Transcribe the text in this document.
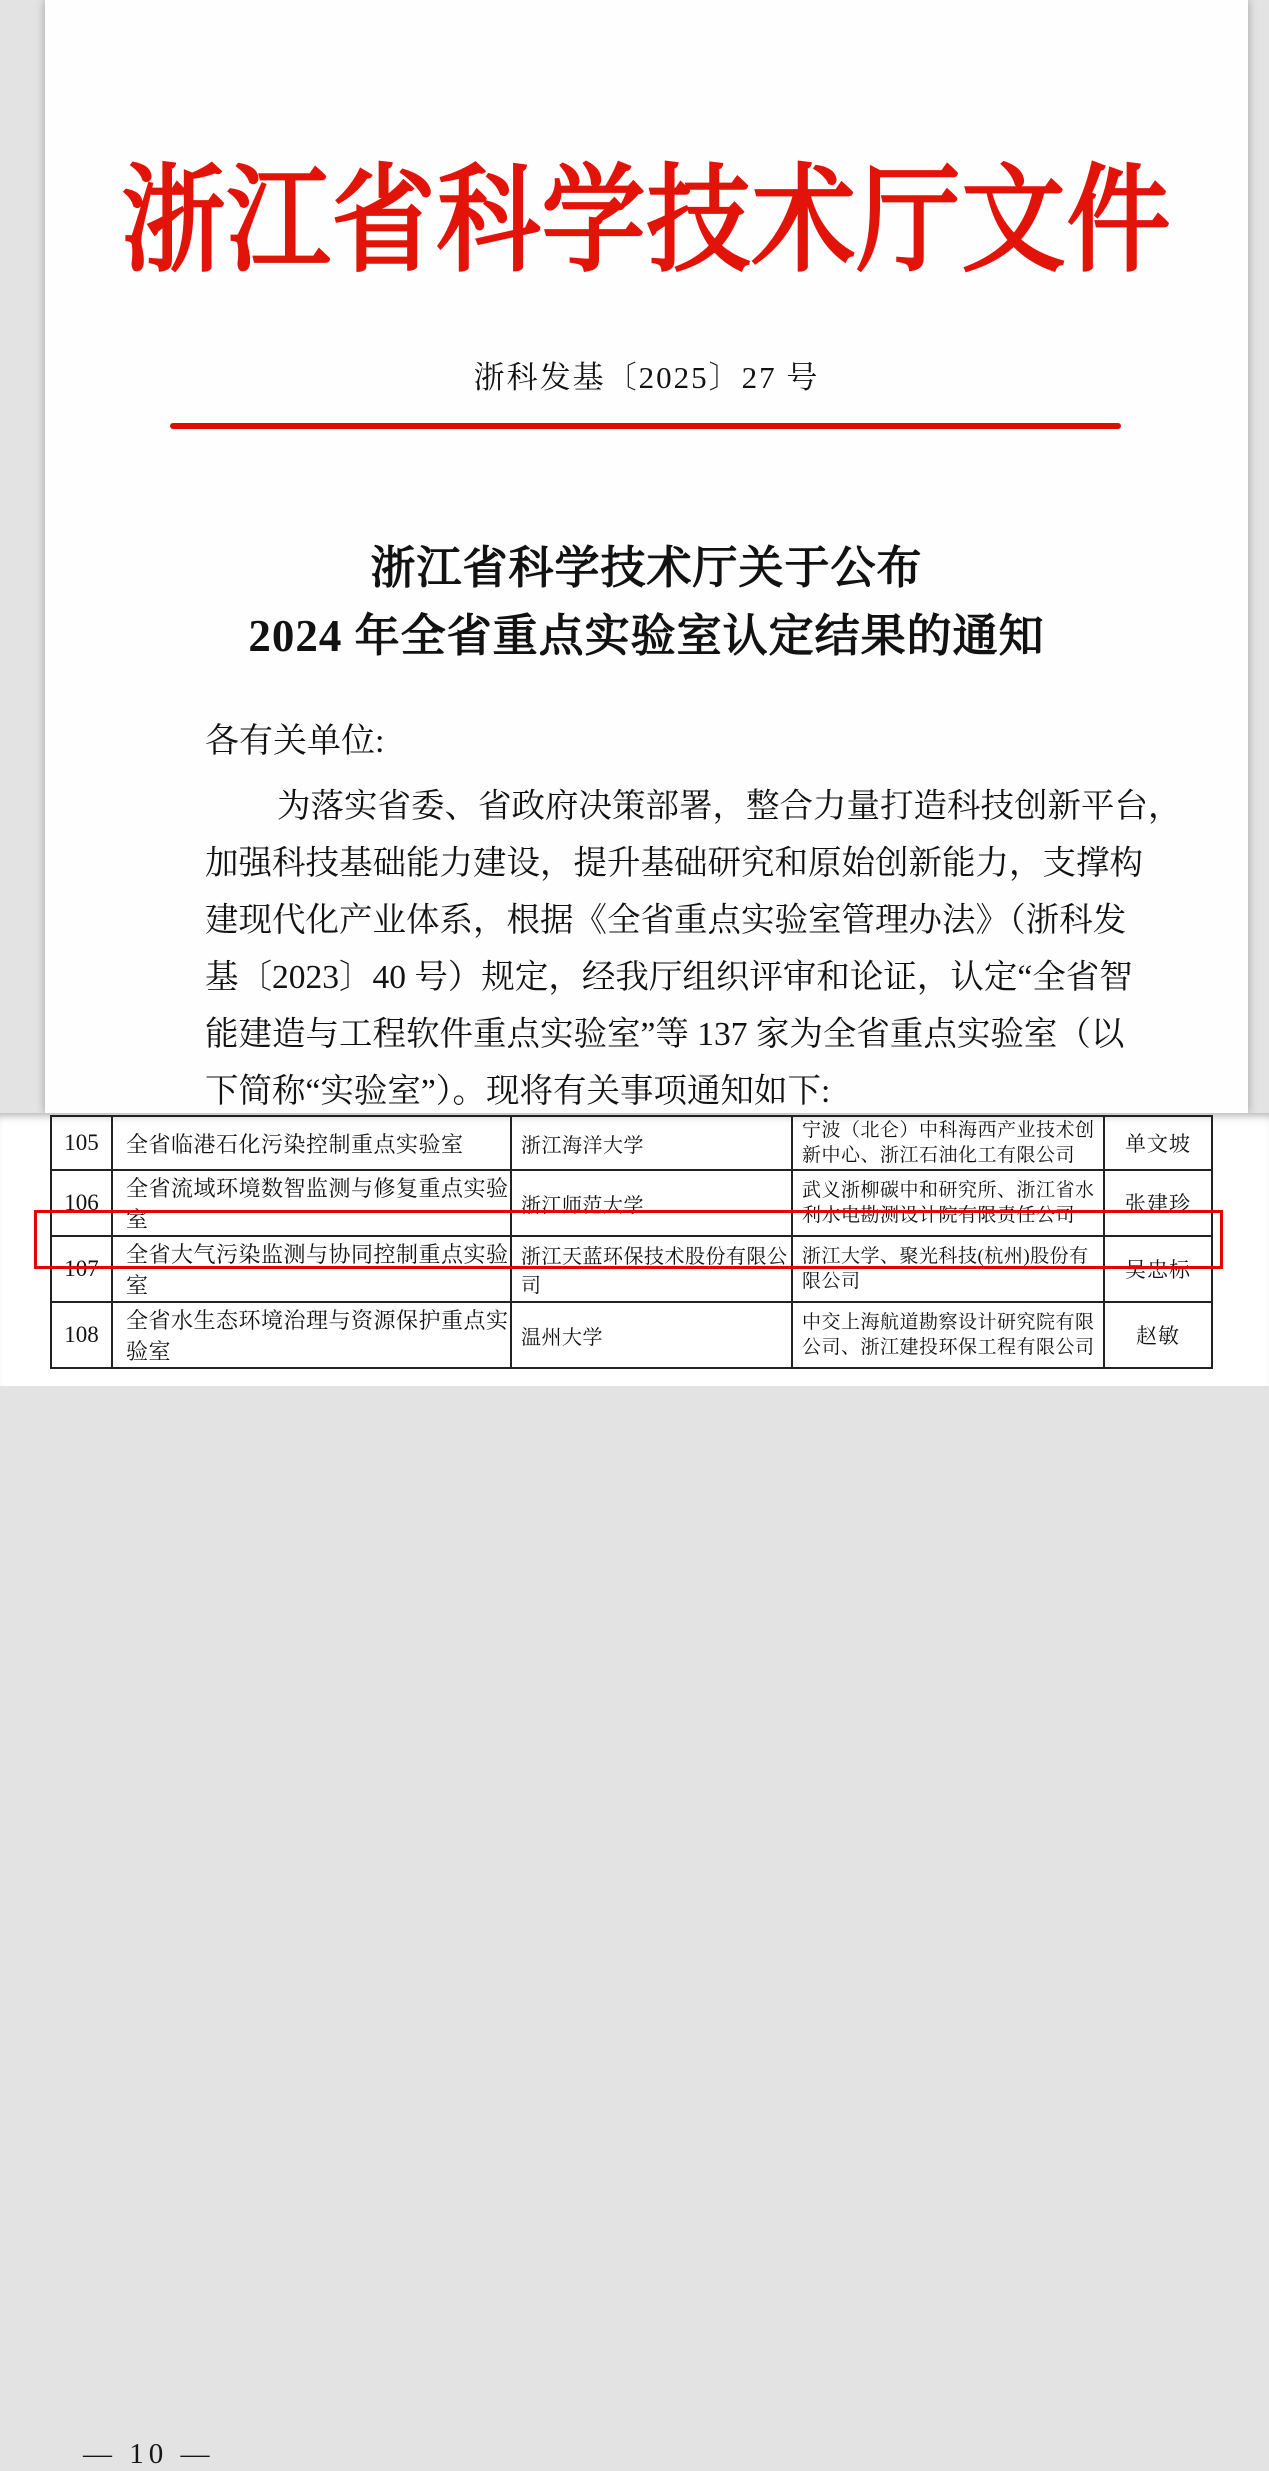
浙江省科学技术厅文件
浙科发基〔2025〕27 号
浙江省科学技术厅关于公布
2024 年全省重点实验室认定结果的通知
各有关单位:
为落实省委、省政府决策部署，整合力量打造科技创新平台，
加强科技基础能力建设，提升基础研究和原始创新能力，支撑构
建现代化产业体系，根据《全省重点实验室管理办法》（浙科发
基〔2023〕40 号）规定，经我厅组织评审和论证，认定“全省智
能建造与工程软件重点实验室”等 137 家为全省重点实验室（以
下简称“实验室”）。现将有关事项通知如下:
105	全省临港石化污染控制重点实验室	浙江海洋大学	宁波（北仑）中科海西产业技术创新中心、浙江石油化工有限公司	单文坡
106	全省流域环境数智监测与修复重点实验室	浙江师范大学	武义浙柳碳中和研究所、浙江省水利水电勘测设计院有限责任公司	张建珍
107	全省大气污染监测与协同控制重点实验室	浙江天蓝环保技术股份有限公司	浙江大学、聚光科技(杭州)股份有限公司	吴忠标
108	全省水生态环境治理与资源保护重点实验室	温州大学	中交上海航道勘察设计研究院有限公司、浙江建投环保工程有限公司	赵敏
— 10 —
